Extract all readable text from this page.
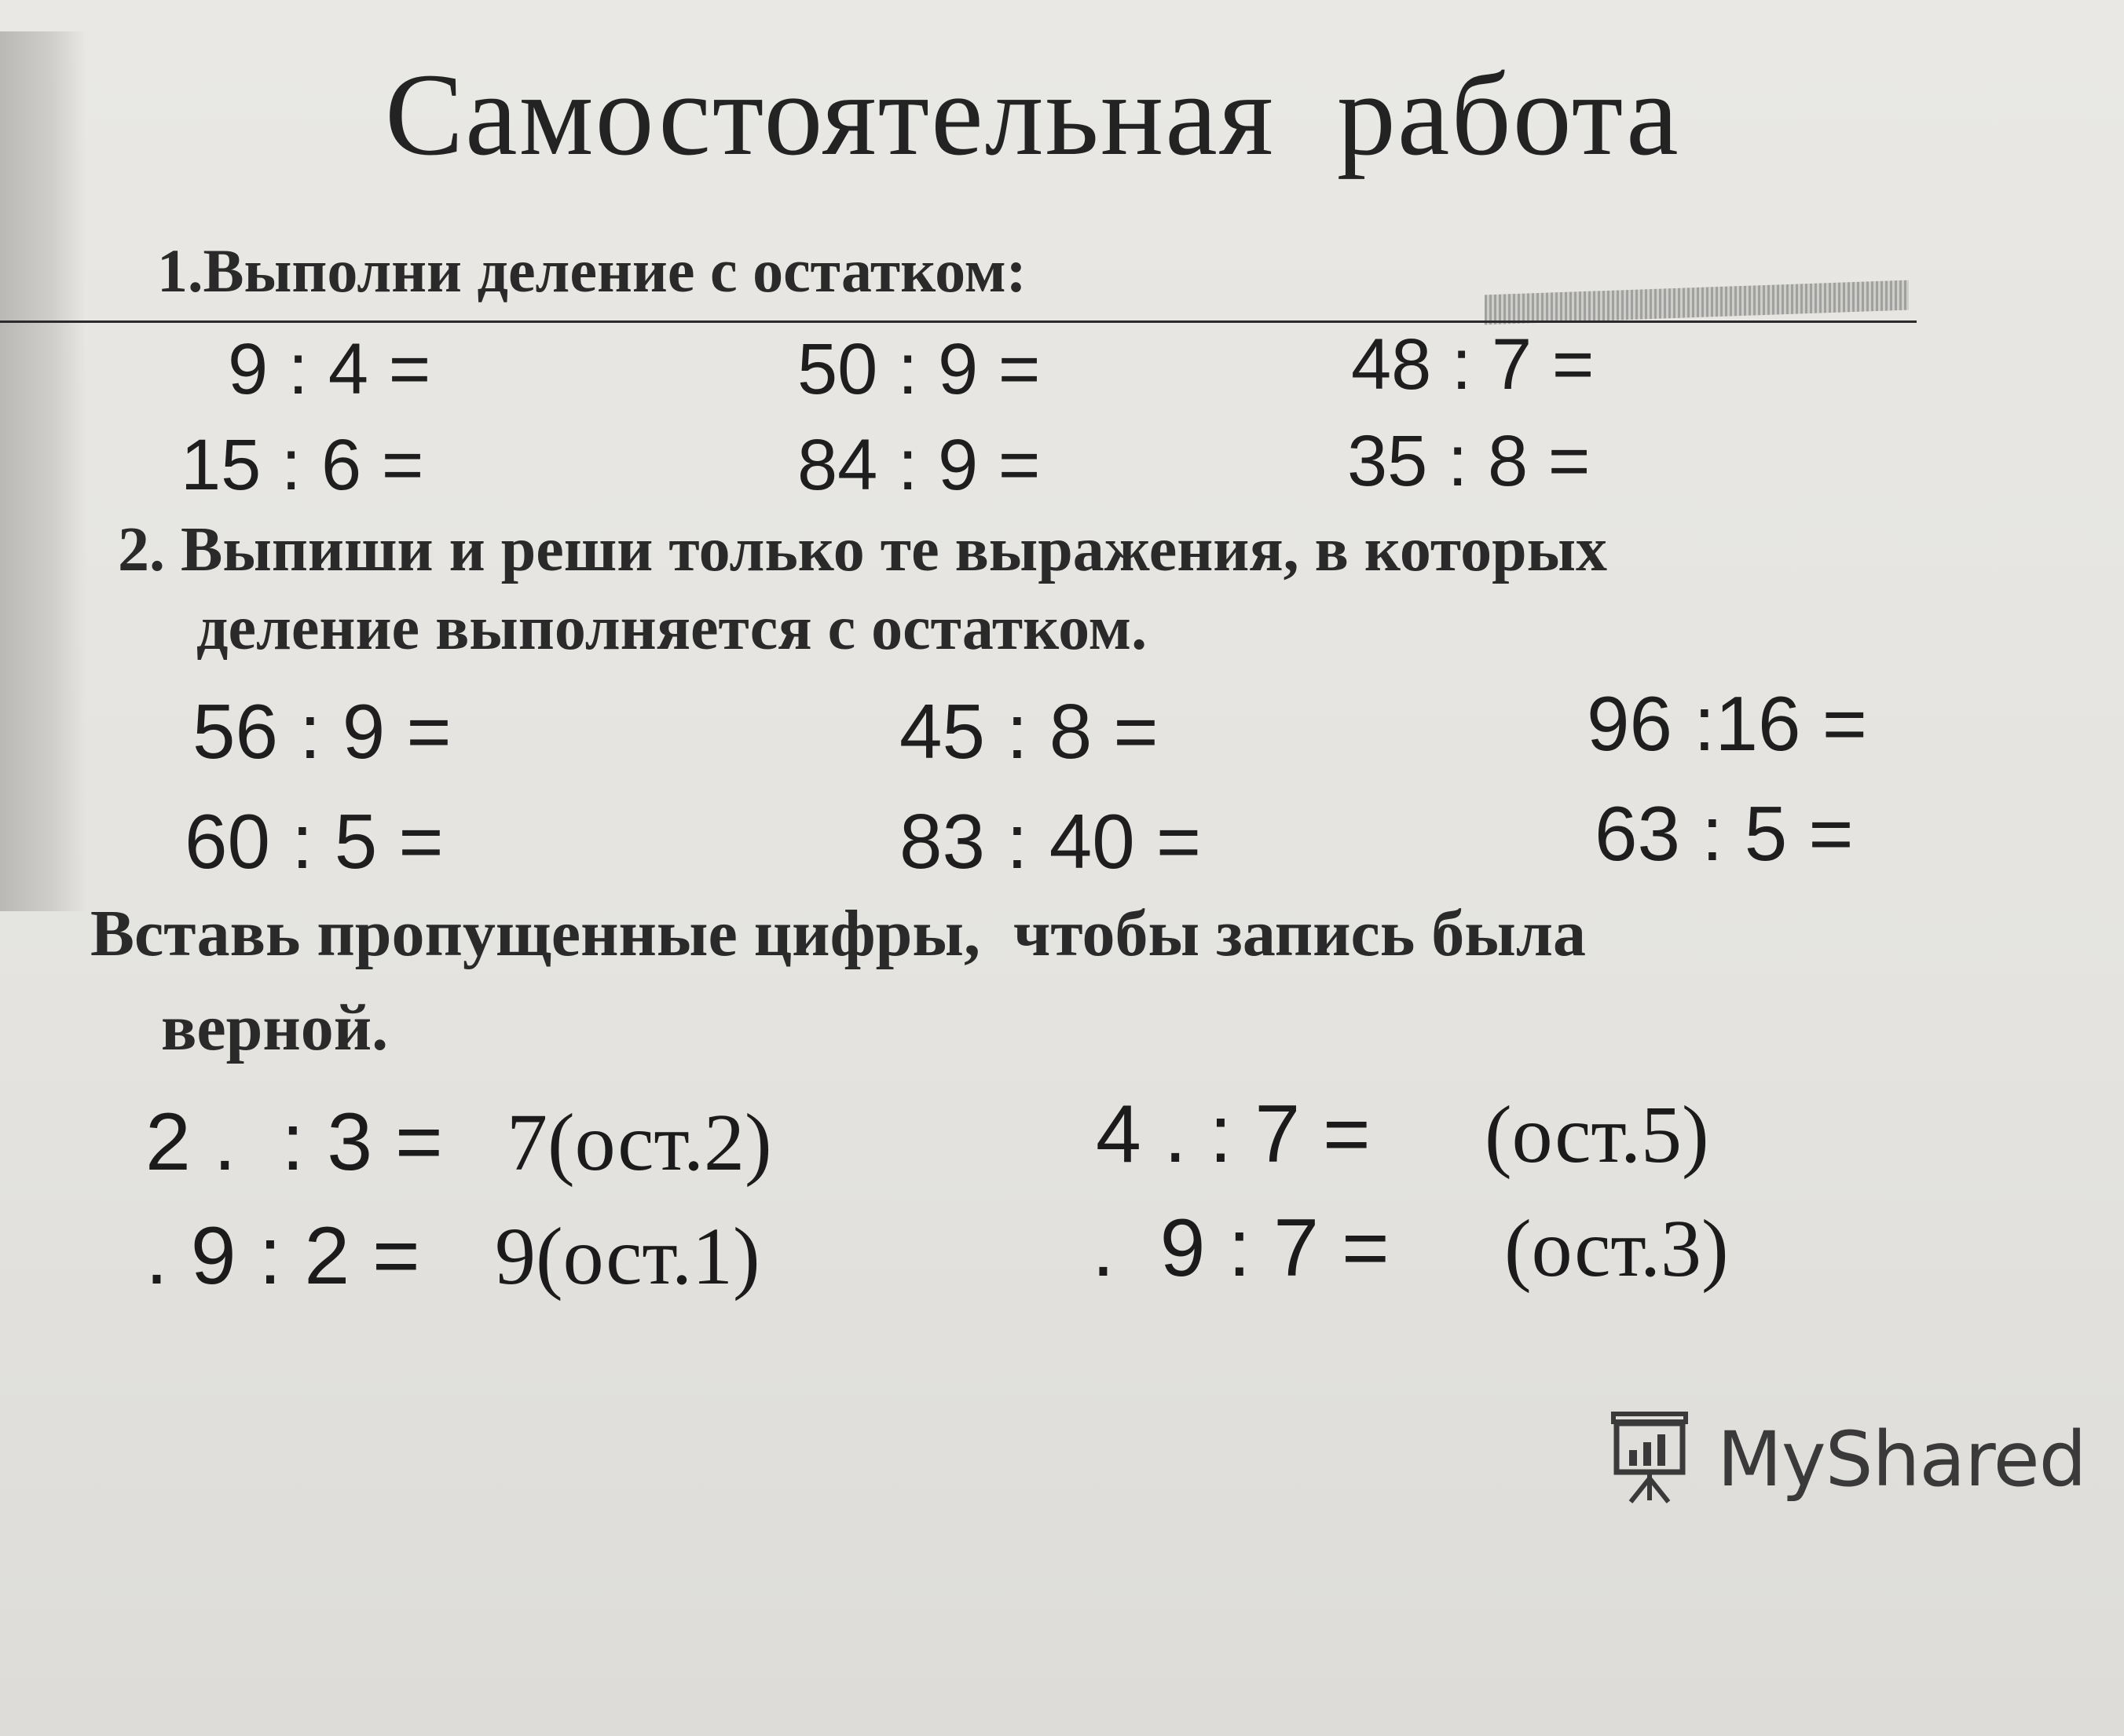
Самостоятельная  работа
1.Выполни деление с остатком:
9 : 4 =	50 : 9 =	48 : 7 =
15 : 6 =	84 : 9 =	35 : 8 =
2. Выпиши и реши только те выражения, в которых
деление выполняется с остатком.
56 : 9 =	45 : 8 =	96 :16 =
60 : 5 =	83 : 40 =	63 : 5 =
Вставь пропущенные цифры,  чтобы запись была
верной.
2 .  : 3 = 7(ост.2)	4 . : 7 = (ост.5)
. 9 : 2 = 9(ост.1)	.  9 : 7 = (ост.3)
MyShared
